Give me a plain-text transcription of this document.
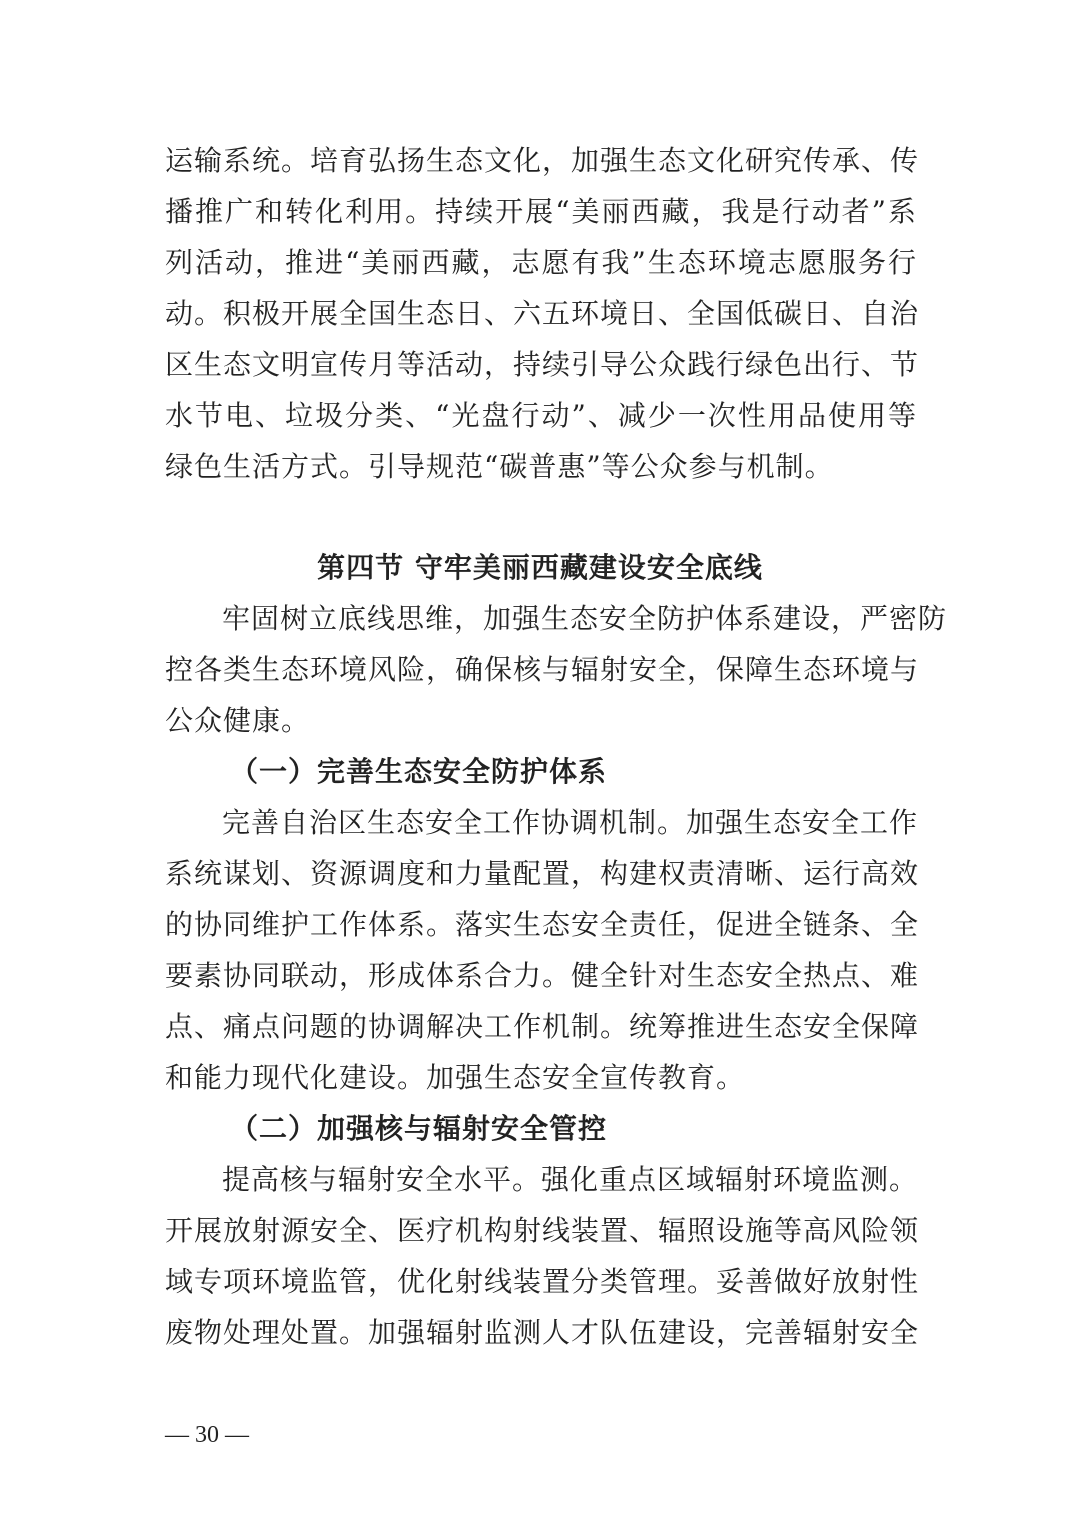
运输系统。培育弘扬生态文化，加强生态文化研究传承、传
播推广和转化利用。持续开展“美丽西藏，我是行动者”系
列活动，推进“美丽西藏，志愿有我”生态环境志愿服务行
动。积极开展全国生态日、六五环境日、全国低碳日、自治
区生态文明宣传月等活动，持续引导公众践行绿色出行、节
水节电、垃圾分类、“光盘行动”、减少一次性用品使用等
绿色生活方式。引导规范“碳普惠”等公众参与机制。
第四节 守牢美丽西藏建设安全底线
牢固树立底线思维，加强生态安全防护体系建设，严密防
控各类生态环境风险，确保核与辐射安全，保障生态环境与
公众健康。
（一）完善生态安全防护体系
完善自治区生态安全工作协调机制。加强生态安全工作
系统谋划、资源调度和力量配置，构建权责清晰、运行高效
的协同维护工作体系。落实生态安全责任，促进全链条、全
要素协同联动，形成体系合力。健全针对生态安全热点、难
点、痛点问题的协调解决工作机制。统筹推进生态安全保障
和能力现代化建设。加强生态安全宣传教育。
（二）加强核与辐射安全管控
提高核与辐射安全水平。强化重点区域辐射环境监测。
开展放射源安全、医疗机构射线装置、辐照设施等高风险领
域专项环境监管，优化射线装置分类管理。妥善做好放射性
废物处理处置。加强辐射监测人才队伍建设，完善辐射安全
— 30 —
